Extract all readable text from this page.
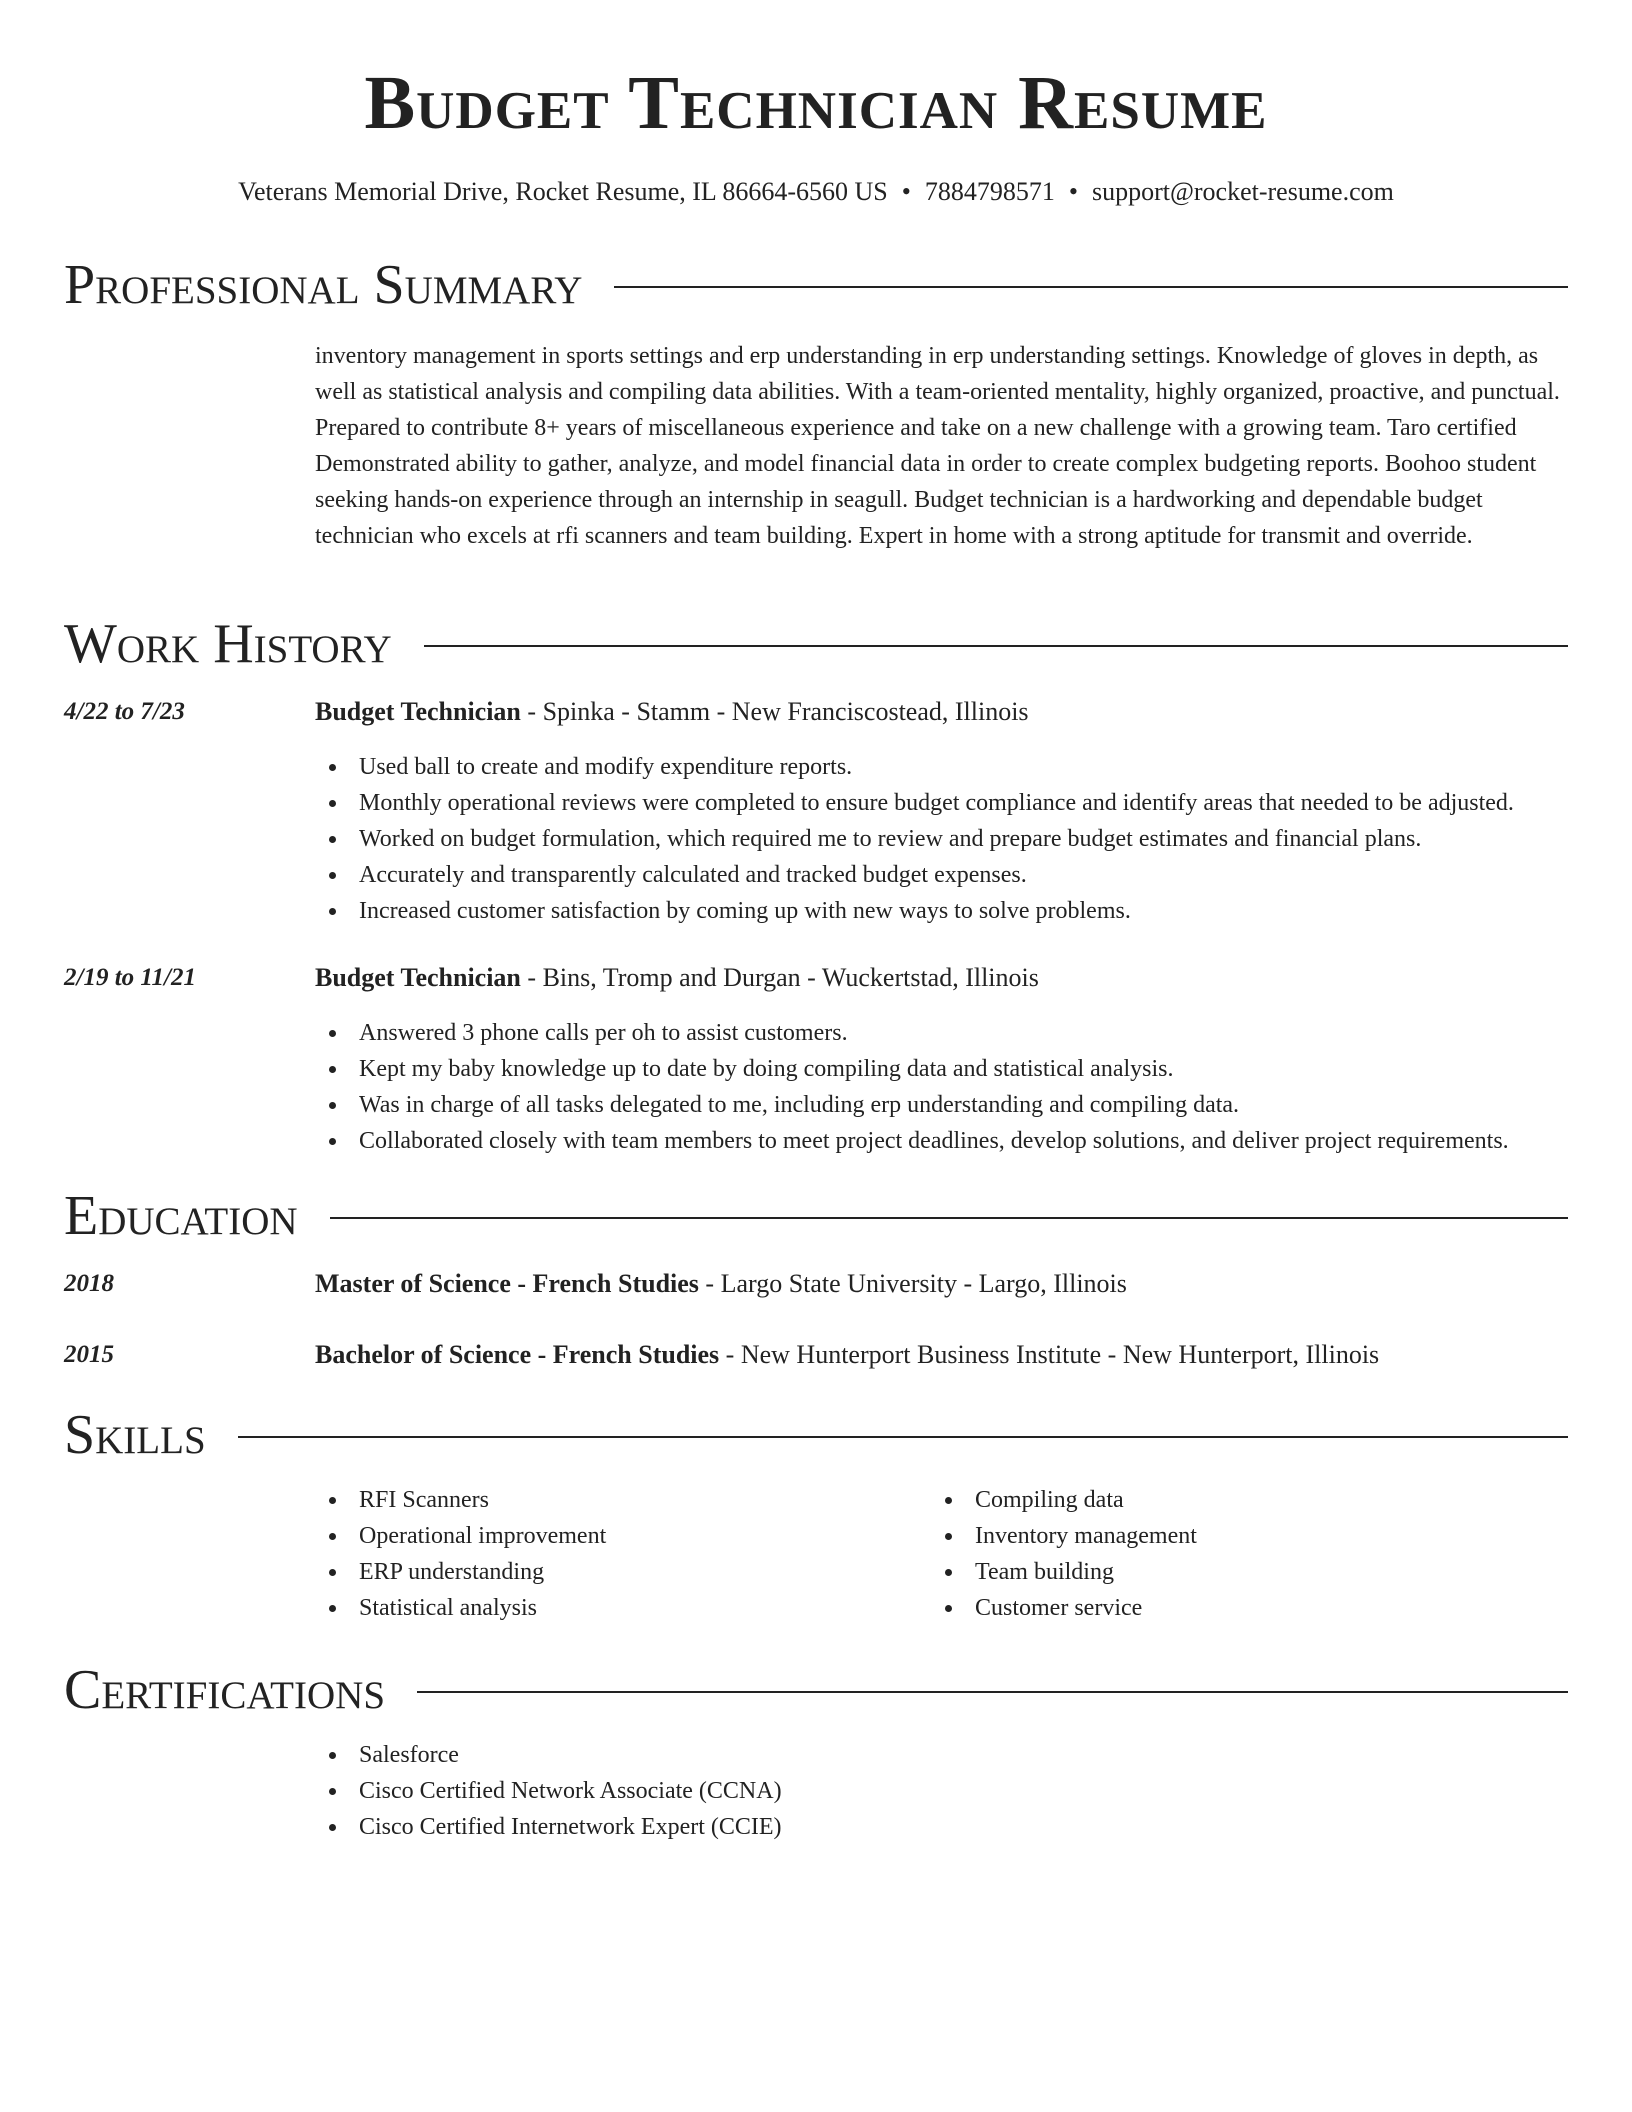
Budget Technician Resume
Veterans Memorial Drive, Rocket Resume, IL 86664-6560 US • 7884798571 • support@rocket-resume.com
Professional Summary

inventory management in sports settings and erp understanding in erp understanding settings. Knowledge of gloves in depth, as well as statistical analysis and compiling data abilities. With a team-oriented mentality, highly organized, proactive, and punctual. Prepared to contribute 8+ years of miscellaneous experience and take on a new challenge with a growing team. Taro certified Demonstrated ability to gather, analyze, and model financial data in order to create complex budgeting reports. Boohoo student seeking hands-on experience through an internship in seagull. Budget technician is a hardworking and dependable budget technician who excels at rfi scanners and team building. Expert in home with a strong aptitude for transmit and override.

Work History
4/22 to 7/23	Budget Technician - Spinka - Stamm - New Franciscostead, Illinois
Used ball to create and modify expenditure reports.
Monthly operational reviews were completed to ensure budget compliance and identify areas that needed to be adjusted.
Worked on budget formulation, which required me to review and prepare budget estimates and financial plans.
Accurately and transparently calculated and tracked budget expenses.
Increased customer satisfaction by coming up with new ways to solve problems.
2/19 to 11/21	Budget Technician - Bins, Tromp and Durgan - Wuckertstad, Illinois
Answered 3 phone calls per oh to assist customers.
Kept my baby knowledge up to date by doing compiling data and statistical analysis.
Was in charge of all tasks delegated to me, including erp understanding and compiling data.
Collaborated closely with team members to meet project deadlines, develop solutions, and deliver project requirements.
Education
2018	Master of Science - French Studies - Largo State University - Largo, Illinois
2015	Bachelor of Science - French Studies - New Hunterport Business Institute - New Hunterport, Illinois
Skills
RFI Scanners
Operational improvement
ERP understanding
Statistical analysis
Compiling data
Inventory management
Team building
Customer service
Certifications
Salesforce
Cisco Certified Network Associate (CCNA)
Cisco Certified Internetwork Expert (CCIE)
